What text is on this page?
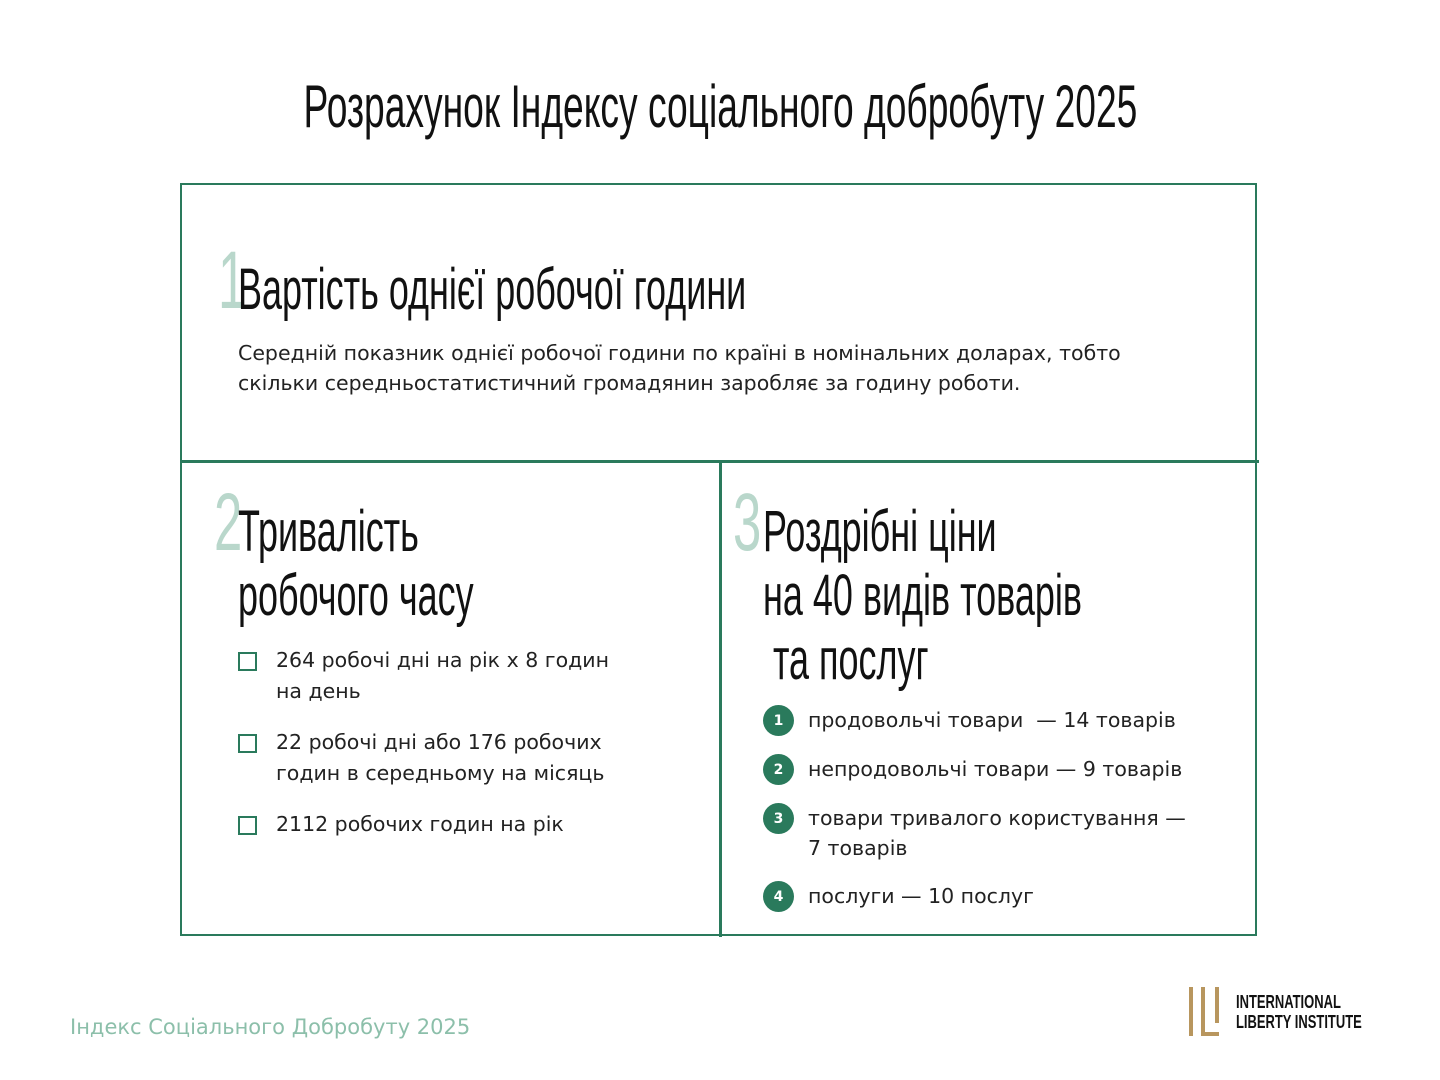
Розрахунок Індексу соціального добробуту 2025
1
Вартість однієї робочої години
Середній показник однієї робочої години по країні в номінальних доларах, тобто
скільки середньостатистичний громадянин заробляє за годину роботи.
2
Тривалість
робочого часу
264 робочі дні на рік х 8 годин
на день
22 робочі дні або 176 робочих
годин в середньому на місяць
2112 робочих годин на рік
3 Роздрібні ціни
на 40 видів товарів
та послуг
1	продовольчі товари  — 14 товарів
2	непродовольчі товари — 9 товарів
3	товари тривалого користування —
7 товарів
4	послуги — 10 послуг
Індекс Соціального Добробуту 2025
INTERNATIONAL
LIBERTY INSTITUTE
